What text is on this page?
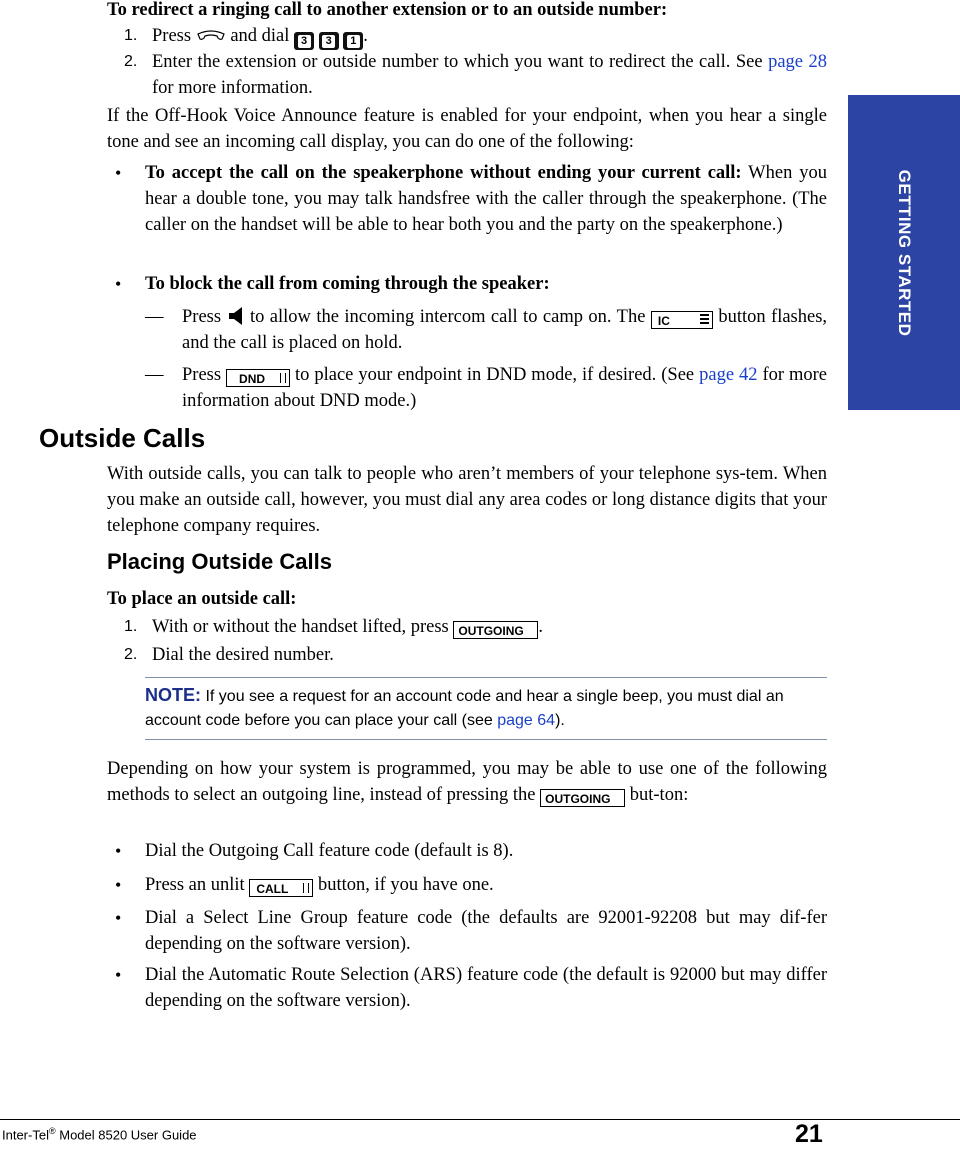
To redirect a ringing call to another extension or to an outside number:
1. Press and dial 3 3 1 .
2. Enter the extension or outside number to which you want to redirect the call. See page 28 for more information.
If the Off-Hook Voice Announce feature is enabled for your endpoint, when you hear a single tone and see an incoming call display, you can do one of the following:
• To accept the call on the speakerphone without ending your current call: When you hear a double tone, you may talk handsfree with the caller through the speakerphone. (The caller on the handset will be able to hear both you and the party on the speakerphone.)
• To block the call from coming through the speaker:
— Press to allow the incoming intercom call to camp on. The IC	button flashes, and the call is placed on hold.
— Press DND to place your endpoint in DND mode, if desired. (See page 42 for more information about DND mode.)
Outside Calls
With outside calls, you can talk to people who aren’t members of your telephone sys-tem. When you make an outside call, however, you must dial any area codes or long distance digits that your telephone company requires.
Placing Outside Calls
To place an outside call:
1. With or without the handset lifted, press OUTGOING .
2. Dial the desired number.
NOTE: If you see a request for an account code and hear a single beep, you must dial an account code before you can place your call (see page 64).
Depending on how your system is programmed, you may be able to use one of the following methods to select an outgoing line, instead of pressing the OUTGOING but-ton:
• Dial the Outgoing Call feature code (default is 8).
• Press an unlit CALL button, if you have one.
• Dial a Select Line Group feature code (the defaults are 92001-92208 but may dif-fer depending on the software version).
• Dial the Automatic Route Selection (ARS) feature code (the default is 92000 but may differ depending on the software version).
GETTING STARTED
Inter-Tel® Model 8520 User Guide	21
